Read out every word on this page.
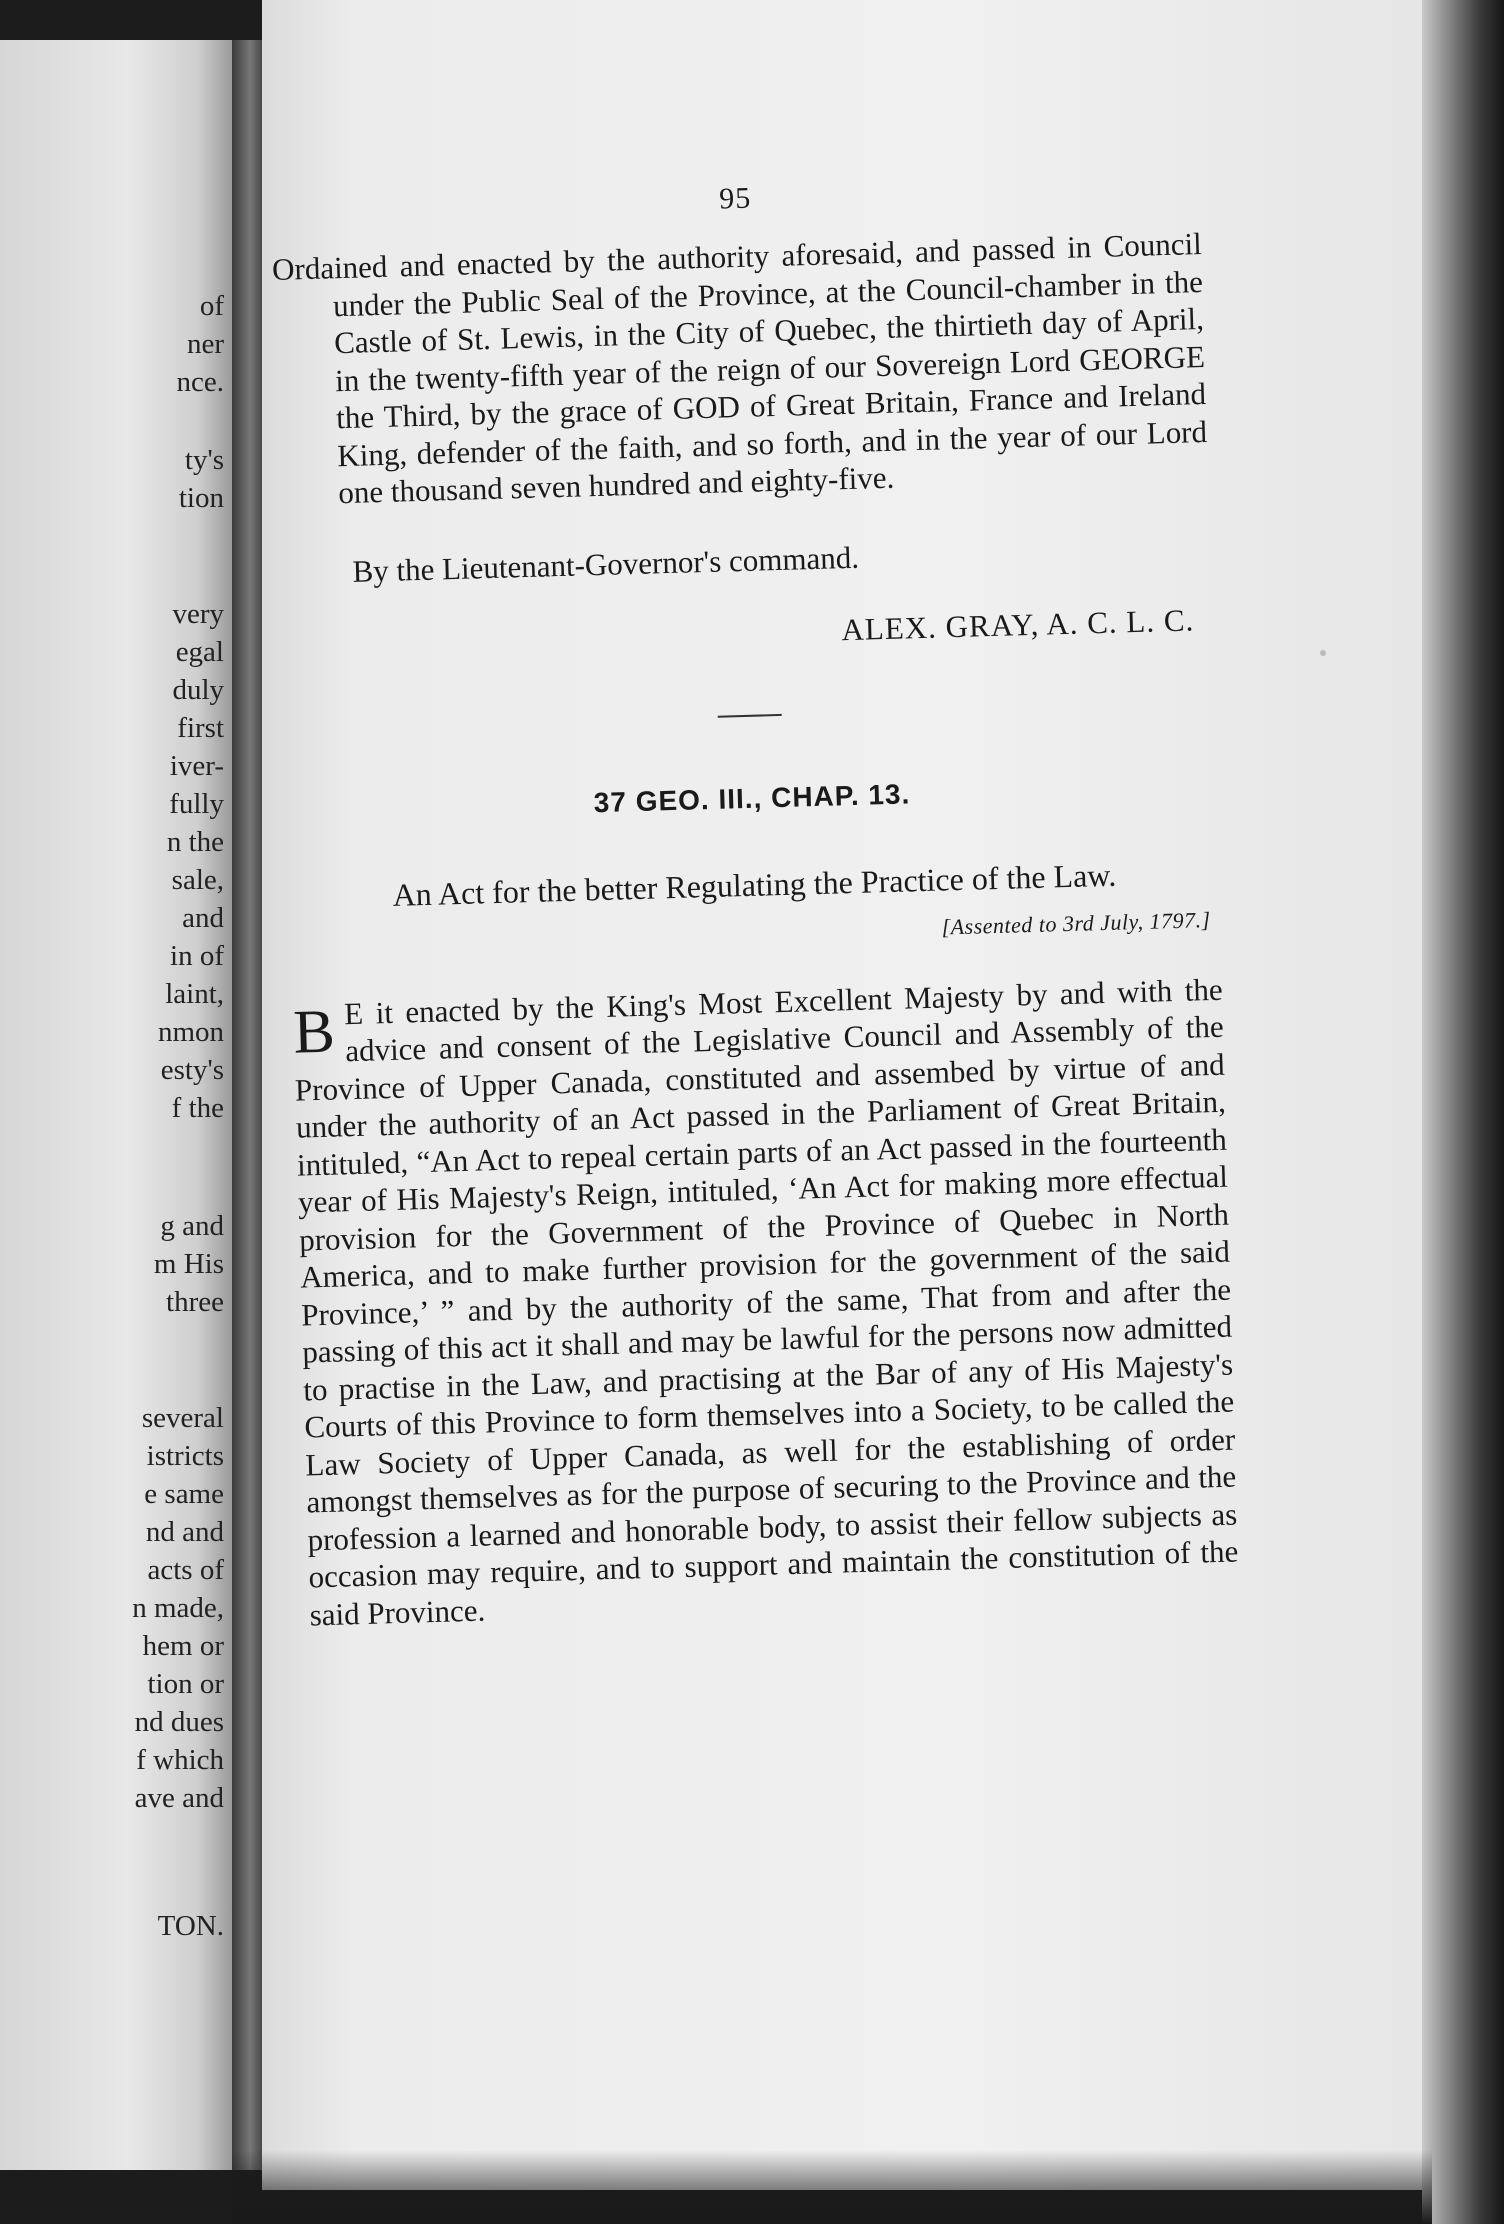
of
ner
nce.
ty's
tion
very
egal
duly
first
iver-
fully
n the
sale,
and
in of
laint,
nmon
esty's
f the
g and
m His
three
several
istricts
e same
nd and
acts of
n made,
hem or
tion or
nd dues
f which
ave and
TON.
95

Ordained and enacted by the authority aforesaid, and passed in Council under the Public Seal of the Province, at the Council-chamber in the Castle of St. Lewis, in the City of Quebec, the thirtieth day of April, in the twenty-fifth year of the reign of our Sovereign Lord GEORGE the Third, by the grace of GOD of Great Britain, France and Ireland King, defender of the faith, and so forth, and in the year of our Lord one thousand seven hundred and eighty-five.

By the Lieutenant-Governor's command.

ALEX. GRAY, A. C. L. C.

37 GEO. III., CHAP. 13.

An Act for the better Regulating the Practice of the Law.

[Assented to 3rd July, 1797.]

B E it enacted by the King's Most Excellent Majesty by and with the advice and consent of the Legislative Council and Assembly of the Province of Upper Canada, constituted and assembed by virtue of and under the authority of an Act passed in the Parliament of Great Britain, intituled, “An Act to repeal certain parts of an Act passed in the fourteenth year of His Majesty's Reign, intituled, ‘An Act for making more effectual provision for the Government of the Province of Quebec in North America, and to make further provision for the government of the said Province,’ ” and by the authority of the same, That from and after the passing of this act it shall and may be lawful for the persons now admitted to practise in the Law, and practising at the Bar of any of His Majesty's Courts of this Province to form themselves into a Society, to be called the Law Society of Upper Canada, as well for the establishing of order amongst themselves as for the purpose of securing to the Province and the profession a learned and honorable body, to assist their fellow subjects as occasion may require, and to support and maintain the constitution of the said Province.
